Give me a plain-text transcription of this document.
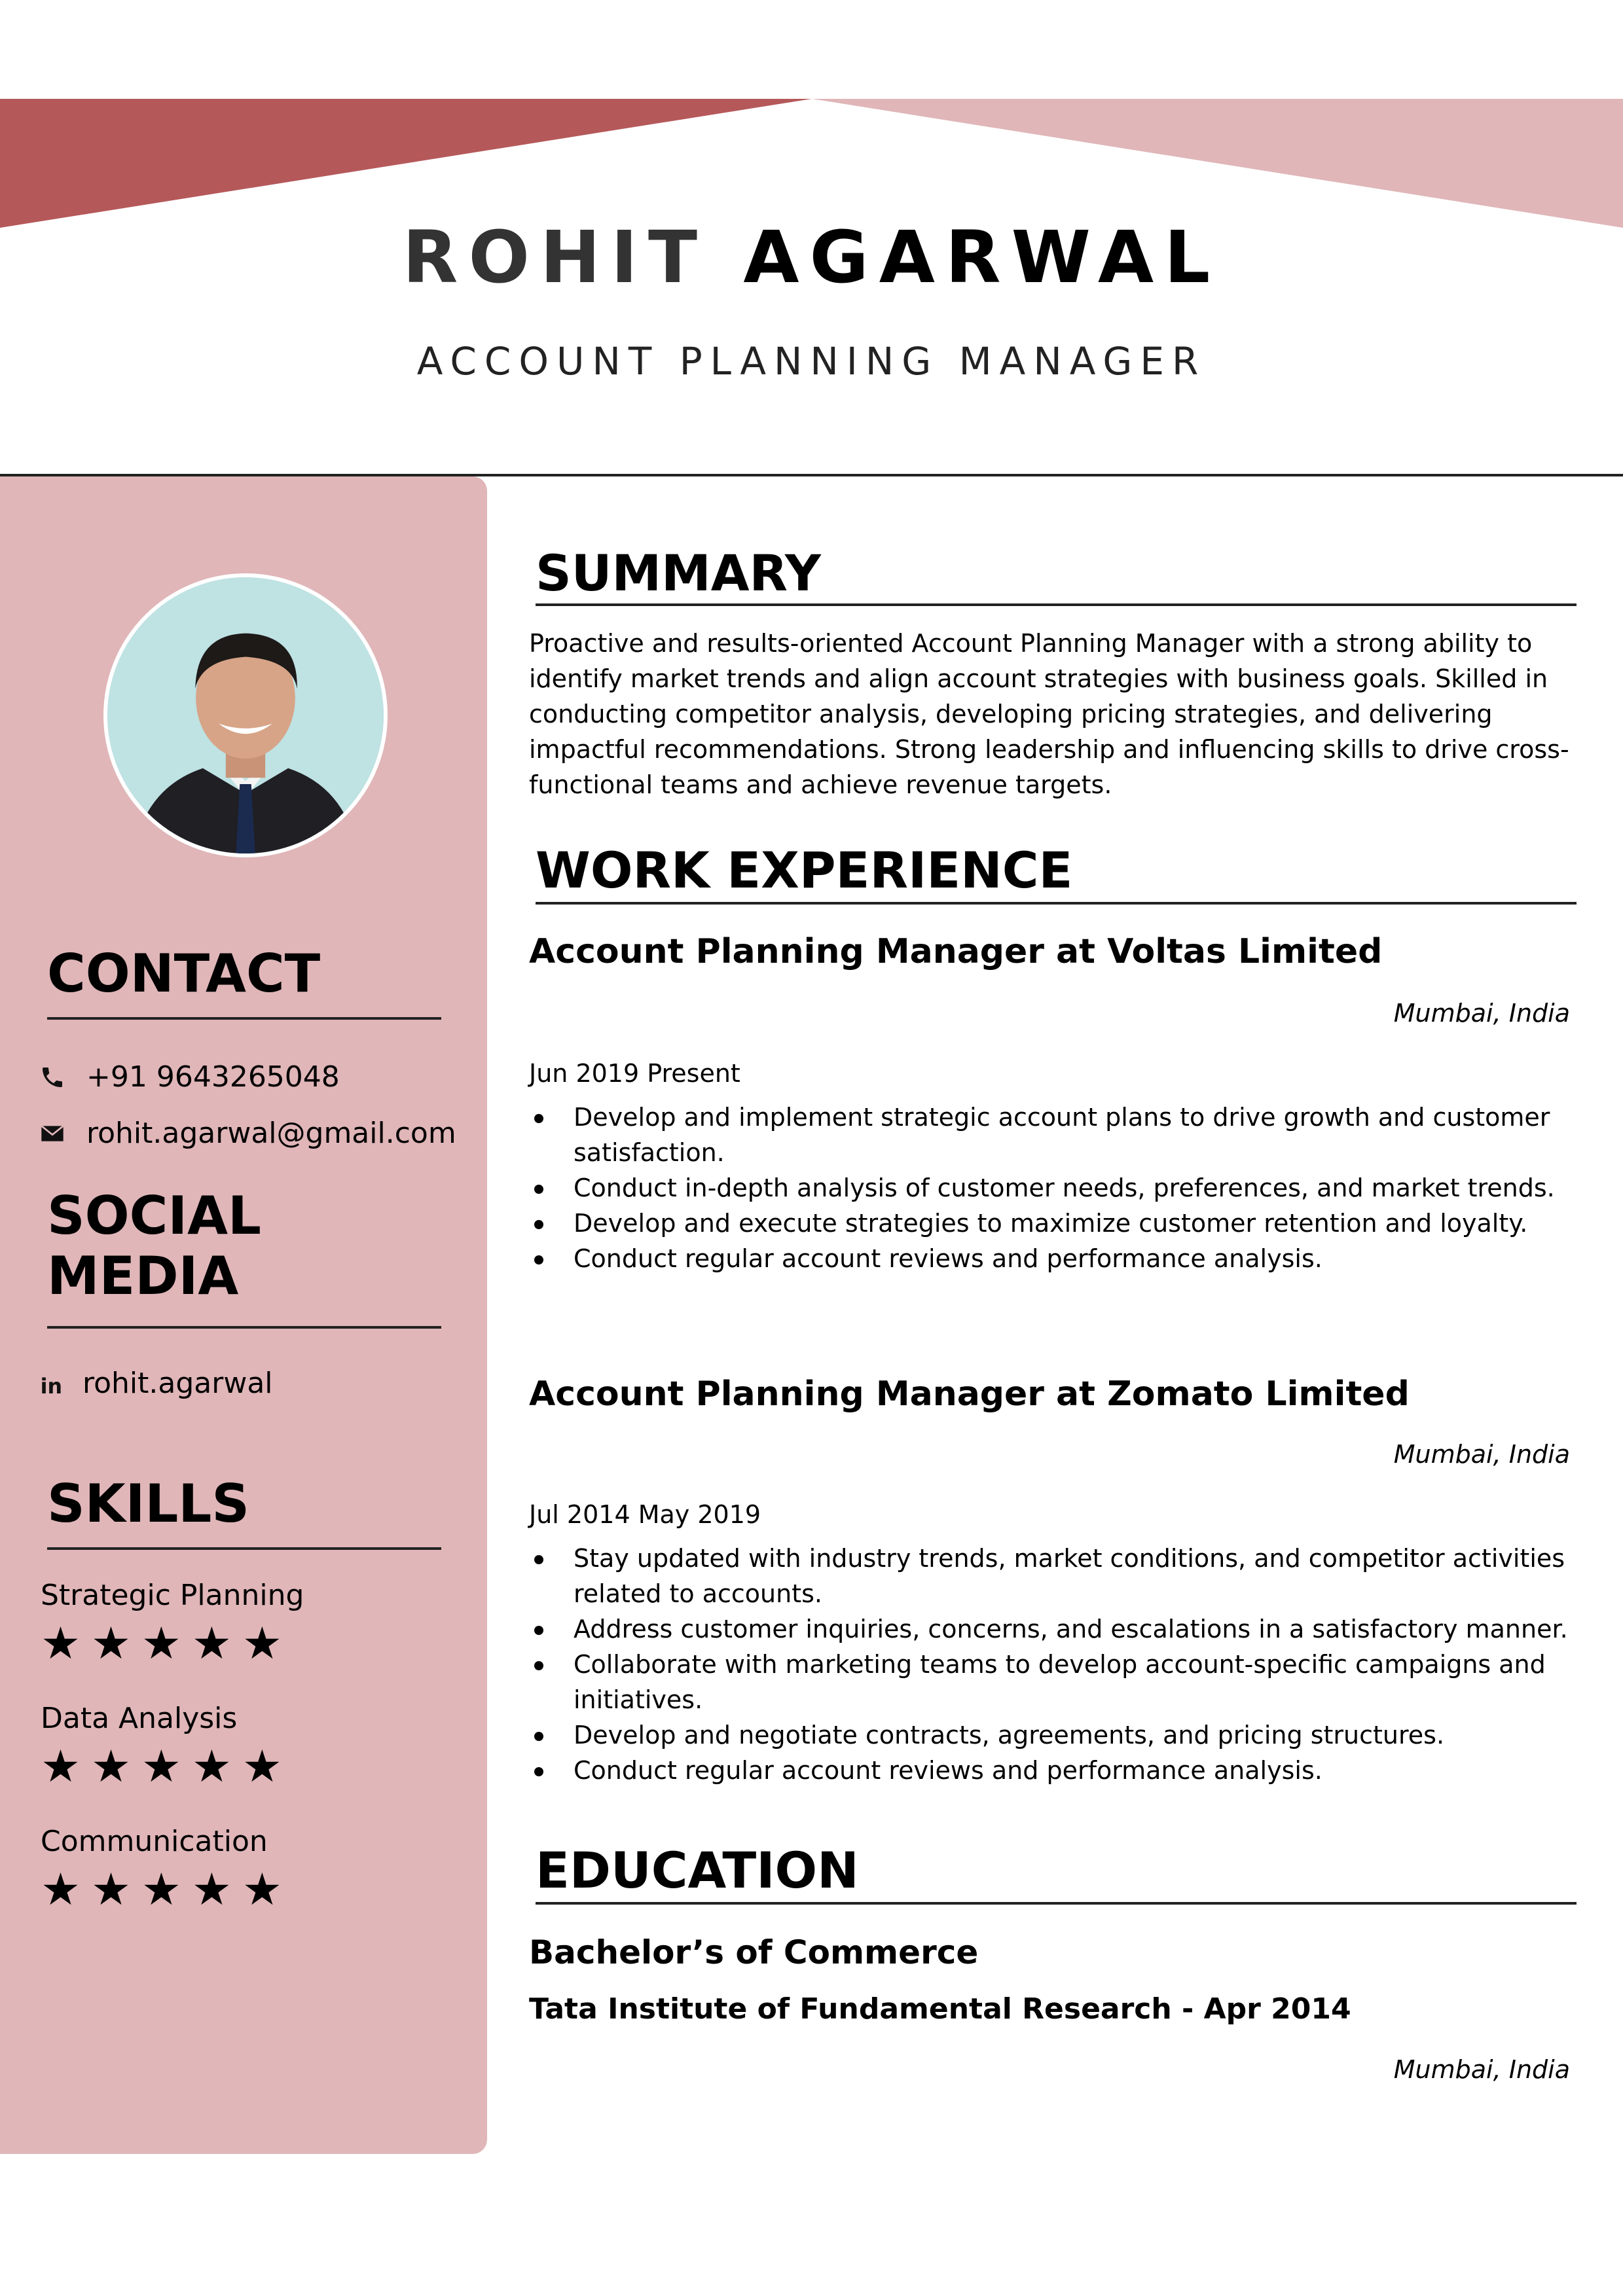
ROHIT AGARWAL
ACCOUNT PLANNING MANAGER
CONTACT
+91 9643265048
rohit.agarwal@gmail.com
SOCIAL
MEDIA
in rohit.agarwal
SKILLS
Strategic Planning
★★★★★
Data Analysis
★★★★★
Communication
★★★★★
SUMMARY
Proactive and results-oriented Account Planning Manager with a strong ability to identify market trends and align account strategies with business goals. Skilled in conducting competitor analysis, developing pricing strategies, and delivering impactful recommendations. Strong leadership and influencing skills to drive cross-functional teams and achieve revenue targets.
WORK EXPERIENCE
Account Planning Manager at Voltas Limited
Mumbai, India
Jun 2019 Present
Develop and implement strategic account plans to drive growth and customer satisfaction.
Conduct in-depth analysis of customer needs, preferences, and market trends.
Develop and execute strategies to maximize customer retention and loyalty.
Conduct regular account reviews and performance analysis.
Account Planning Manager at Zomato Limited
Mumbai, India
Jul 2014 May 2019
Stay updated with industry trends, market conditions, and competitor activities related to accounts.
Address customer inquiries, concerns, and escalations in a satisfactory manner.
Collaborate with marketing teams to develop account-specific campaigns and initiatives.
Develop and negotiate contracts, agreements, and pricing structures.
Conduct regular account reviews and performance analysis.
EDUCATION
Bachelor’s of Commerce
Tata Institute of Fundamental Research - Apr 2014
Mumbai, India
